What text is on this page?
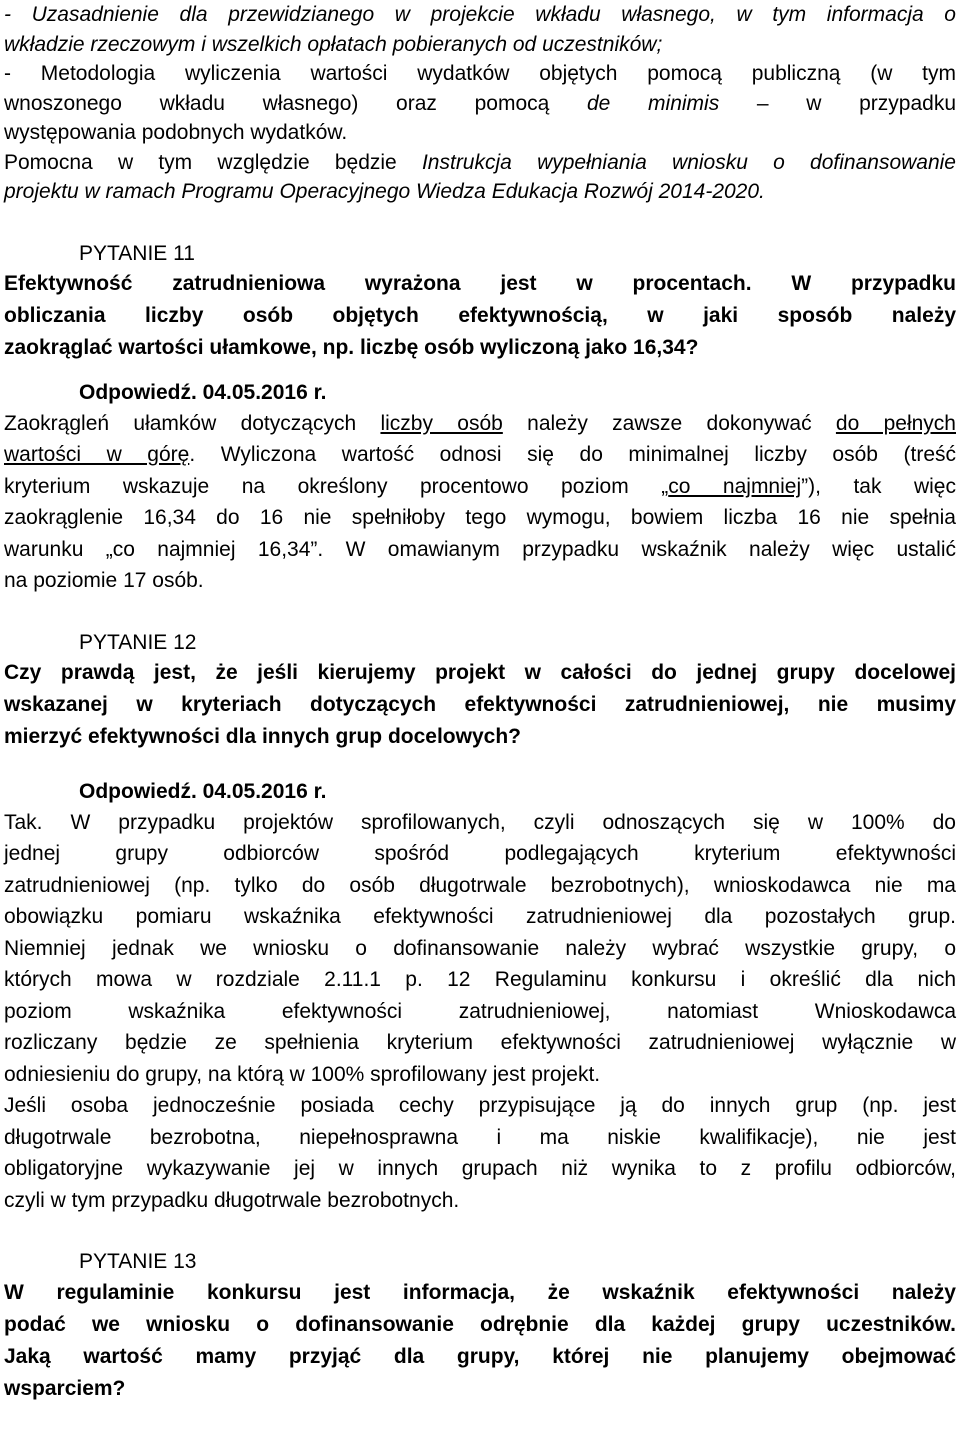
- Uzasadnienie dla przewidzianego w projekcie wkładu własnego, w tym informacja o

wkładzie rzeczowym i wszelkich opłatach pobieranych od uczestników;

- Metodologia wyliczenia wartości wydatków objętych pomocą publiczną (w tym

wnoszonego wkładu własnego) oraz pomocą de minimis – w przypadku

występowania podobnych wydatków.

Pomocna w tym względzie będzie Instrukcja wypełniania wniosku o dofinansowanie

projektu w ramach Programu Operacyjnego Wiedza Edukacja Rozwój 2014-2020.

PYTANIE 11

Efektywność zatrudnieniowa wyrażona jest w procentach. W przypadku

obliczania liczby osób objętych efektywnością, w jaki sposób należy

zaokrąglać wartości ułamkowe, np. liczbę osób wyliczoną jako 16,34?

Odpowiedź. 04.05.2016 r.

Zaokrągleń ułamków dotyczących liczby osób należy zawsze dokonywać do pełnych

wartości w górę. Wyliczona wartość odnosi się do minimalnej liczby osób (treść

kryterium wskazuje na określony procentowo poziom „co najmniej”), tak więc

zaokrąglenie 16,34 do 16 nie spełniłoby tego wymogu, bowiem liczba 16 nie spełnia

warunku „co najmniej 16,34”. W omawianym przypadku wskaźnik należy więc ustalić

na poziomie 17 osób.

PYTANIE 12

Czy prawdą jest, że jeśli kierujemy projekt w całości do jednej grupy docelowej

wskazanej w kryteriach dotyczących efektywności zatrudnieniowej, nie musimy

mierzyć efektywności dla innych grup docelowych?

Odpowiedź. 04.05.2016 r.

Tak. W przypadku projektów sprofilowanych, czyli odnoszących się w 100% do

jednej grupy odbiorców spośród podlegających kryterium efektywności

zatrudnieniowej (np. tylko do osób długotrwale bezrobotnych), wnioskodawca nie ma

obowiązku pomiaru wskaźnika efektywności zatrudnieniowej dla pozostałych grup.

Niemniej jednak we wniosku o dofinansowanie należy wybrać wszystkie grupy, o

których mowa w rozdziale 2.11.1 p. 12 Regulaminu konkursu i określić dla nich

poziom wskaźnika efektywności zatrudnieniowej, natomiast Wnioskodawca

rozliczany będzie ze spełnienia kryterium efektywności zatrudnieniowej wyłącznie w

odniesieniu do grupy, na którą w 100% sprofilowany jest projekt.

Jeśli osoba jednocześnie posiada cechy przypisujące ją do innych grup (np. jest

długotrwale bezrobotna, niepełnosprawna i ma niskie kwalifikacje), nie jest

obligatoryjne wykazywanie jej w innych grupach niż wynika to z profilu odbiorców,

czyli w tym przypadku długotrwale bezrobotnych.

PYTANIE 13

W regulaminie konkursu jest informacja, że wskaźnik efektywności należy

podać we wniosku o dofinansowanie odrębnie dla każdej grupy uczestników.

Jaką wartość mamy przyjąć dla grupy, której nie planujemy obejmować

wsparciem?
